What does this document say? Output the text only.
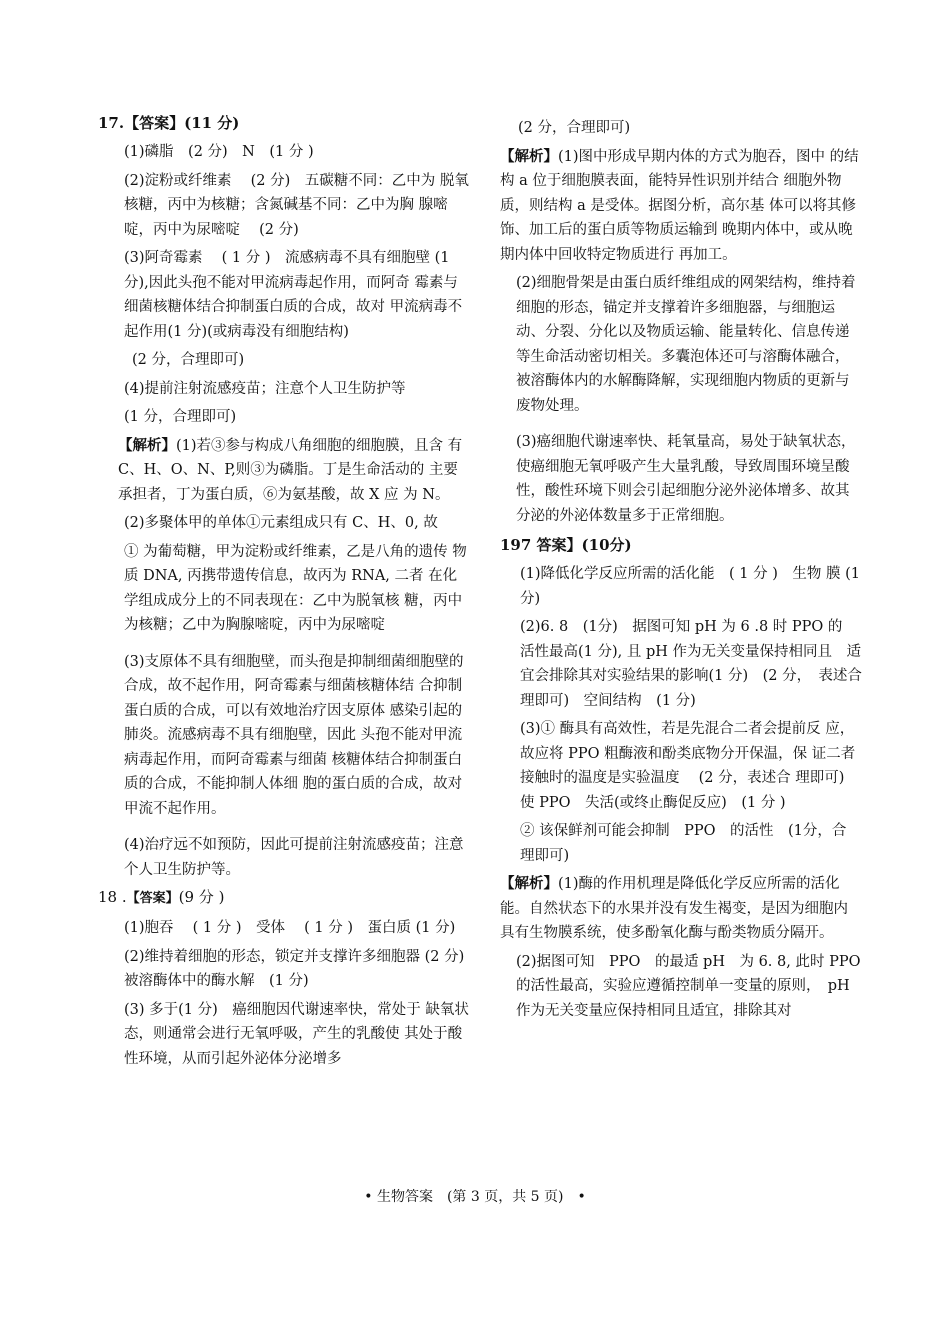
17.【答案】(11 分)
(1)磷脂　(2 分)　N　(1 分 )
(2)淀粉或纤维素　 (2 分)　五碳糖不同：乙中为 脱氧核糖，丙中为核糖；含氮碱基不同：乙中为胸 腺嘧啶，丙中为尿嘧啶　 (2 分)
(3)阿奇霉素　 ( 1 分 )　流感病毒不具有细胞壁 (1 分),因此头孢不能对甲流病毒起作用，而阿奇 霉素与细菌核糖体结合抑制蛋白质的合成，故对 甲流病毒不起作用(1 分)(或病毒没有细胞结构)
(2 分，合理即可)
(4)提前注射流感疫苗；注意个人卫生防护等
(1 分，合理即可)
【解析】(1)若③参与构成八角细胞的细胞膜，且含 有C、H、O、N、P,则③为磷脂。丁是生命活动的 主要承担者，丁为蛋白质，⑥为氨基酸，故 X 应 为 N。
(2)多聚体甲的单体①元素组成只有 C、H、0, 故
① 为葡萄糖，甲为淀粉或纤维素，乙是八角的遗传 物质 DNA, 丙携带遗传信息，故丙为 RNA, 二者 在化学组成成分上的不同表现在：乙中为脱氧核 糖，丙中为核糖；乙中为胸腺嘧啶，丙中为尿嘧啶
(3)支原体不具有细胞壁，而头孢是抑制细菌细胞壁的合成，故不起作用，阿奇霉素与细菌核糖体结 合抑制蛋白质的合成，可以有效地治疗因支原体 感染引起的肺炎。流感病毒不具有细胞壁，因此 头孢不能对甲流病毒起作用，而阿奇霉素与细菌 核糖体结合抑制蛋白质的合成，不能抑制人体细 胞的蛋白质的合成，故对甲流不起作用。
(4)治疗远不如预防，因此可提前注射流感疫苗；注意个人卫生防护等。
18 .【答案】(9 分 )
(1)胞吞　 ( 1 分 )　受体　 ( 1 分 )　蛋白质 (1 分)
(2)维持着细胞的形态，锁定并支撑许多细胞器 (2 分)　被溶酶体中的酶水解　(1 分)
(3) 多于(1 分)　癌细胞因代谢速率快，常处于 缺氧状态，则通常会进行无氧呼吸，产生的乳酸使 其处于酸性环境，从而引起外泌体分泌增多
(2 分，合理即可)
【解析】(1)图中形成早期内体的方式为胞吞，图中 的结构 a 位于细胞膜表面，能特异性识别并结合 细胞外物质，则结构 a 是受体。据图分析，高尔基 体可以将其修饰、加工后的蛋白质等物质运输到 晚期内体中，或从晚期内体中回收特定物质进行 再加工。
(2)细胞骨架是由蛋白质纤维组成的网架结构，维持着细胞的形态，锚定并支撑着许多细胞器，与细胞运动、分裂、分化以及物质运输、能量转化、信息传递等生命活动密切相关。多囊泡体还可与溶酶体融合，被溶酶体内的水解酶降解，实现细胞内物质的更新与废物处理。
(3)癌细胞代谢速率快、耗氧量高，易处于缺氧状态，使癌细胞无氧呼吸产生大量乳酸，导致周围环境呈酸性，酸性环境下则会引起细胞分泌外泌体增多、故其分泌的外泌体数量多于正常细胞。
197 答案】(10分)
(1)降低化学反应所需的活化能　( 1 分 )　生物 膜 (1分)
(2)6. 8　(1分)　据图可知 pH 为 6 .8 时 PPO 的　活性最高(1 分), 且 pH 作为无关变量保持相同且　适宜会排除其对实验结果的影响(1 分)　(2 分，　表述合理即可)　空间结构　(1 分)
(3)① 酶具有高效性，若是先混合二者会提前反 应，故应将 PPO 粗酶液和酚类底物分开保温，保 证二者接触时的温度是实验温度　 (2 分，表述合 理即可)　 使 PPO　失活(或终止酶促反应)　(1 分 )
② 该保鲜剂可能会抑制　PPO　的活性　(1分，合　理即可)
【解析】(1)酶的作用机理是降低化学反应所需的活化能。自然状态下的水果并没有发生褐变，是因为细胞内具有生物膜系统，使多酚氧化酶与酚类物质分隔开。
(2)据图可知　PPO　的最适 pH　为 6. 8, 此时 PPO　的活性最高，实验应遵循控制单一变量的原则，　pH 作为无关变量应保持相同且适宜，排除其对
• 生物答案　(第 3 页，共 5 页)　•
